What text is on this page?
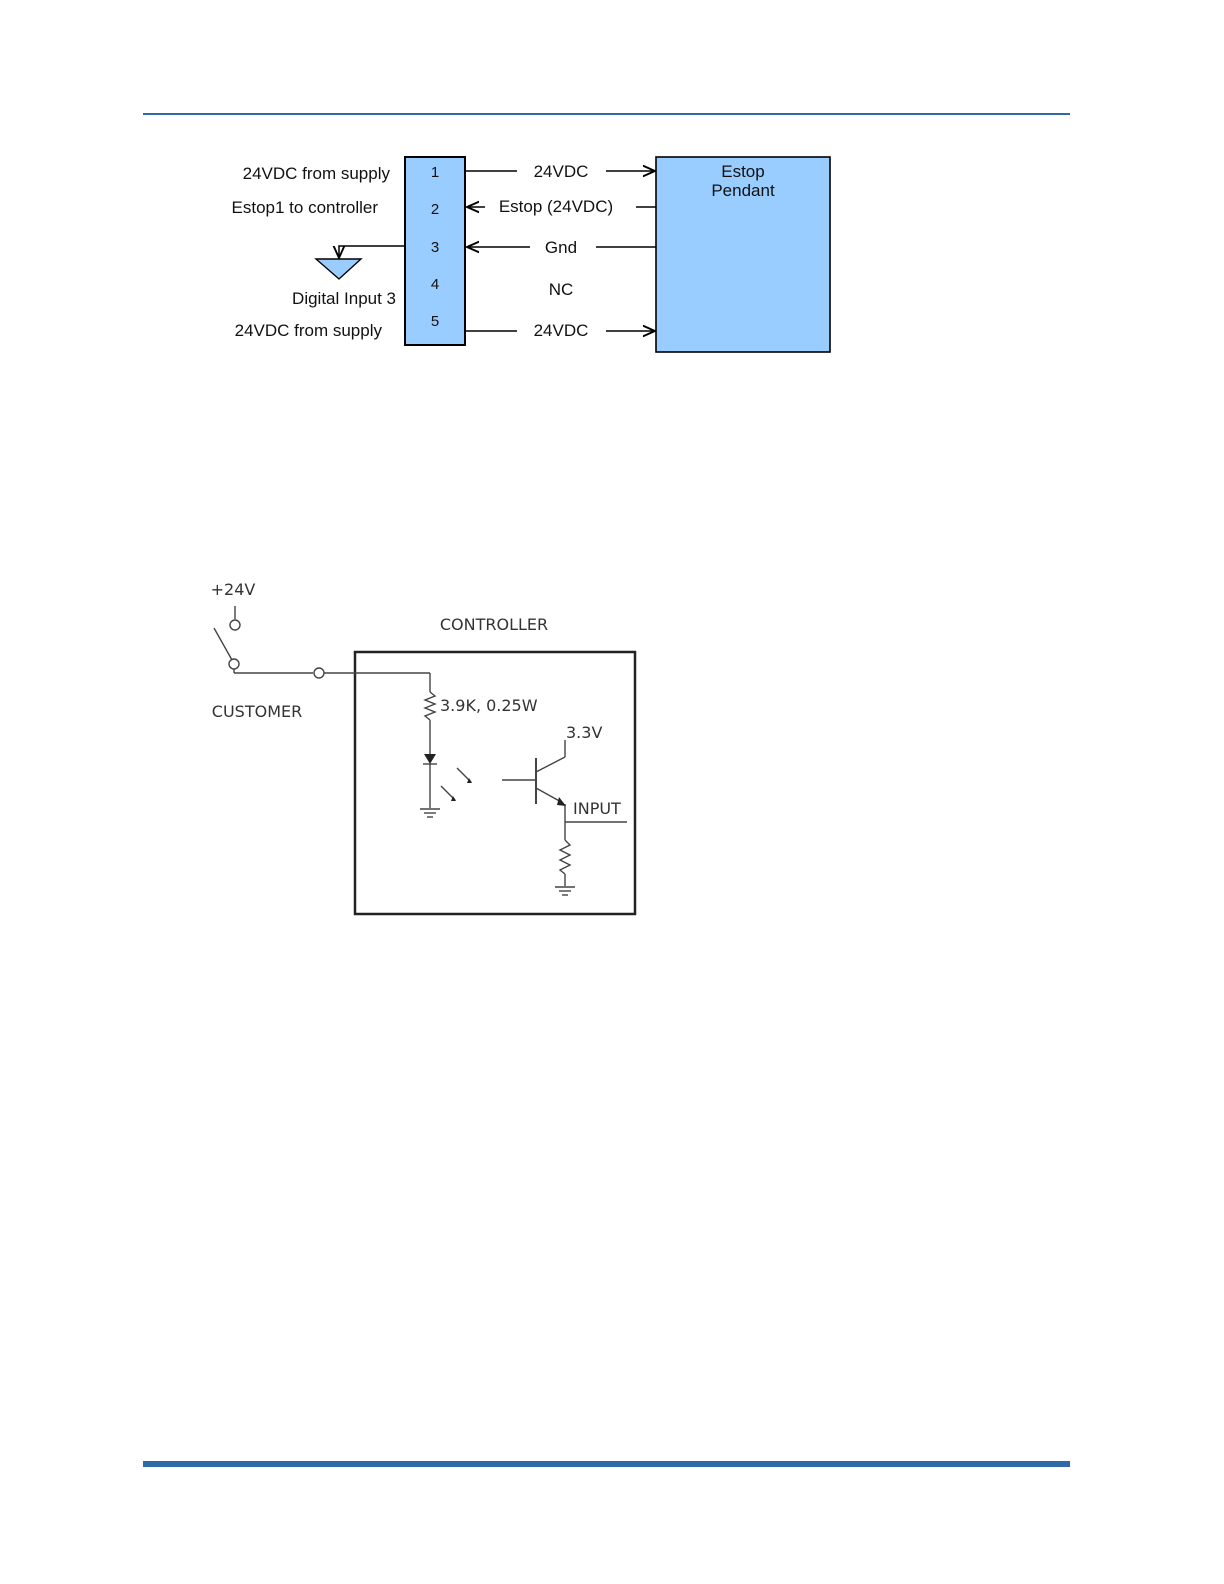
1
2
3
4
5
Estop
Pendant
24VDC from supply
Estop1 to controller
Digital Input 3
24VDC from supply
24VDC
Estop (24VDC)
Gnd
NC
24VDC
+24V
CONTROLLER
CUSTOMER	3.9K, 0.25W
3.3V
INPUT
